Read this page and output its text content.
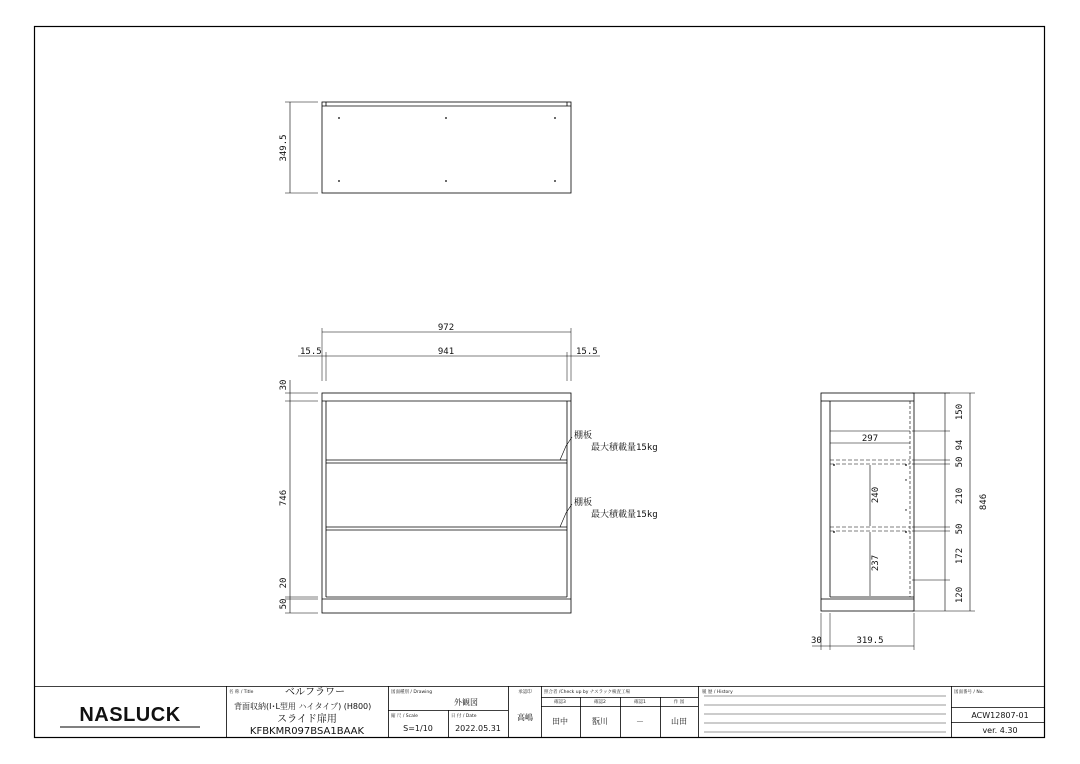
349.5
972
941
15.5	15.5
30
746
20
50
棚板
最大積載量15kg
棚板
最大積載量15kg
297
240
237
150
94
50
210
50
172
120
846
30	319.5
NASLUCK
名 称 / Title	ベルフラワー
背面収納(I･L型用 ハイタイプ) (H800)
スライド扉用
KFBKMR097BSA1BAAK
図面種別 / Drawing
外観図
縮 尺 / Scale
S=1/10
日 付 / Date
2022.05.31
承認印
高嶋
照合者 /Check up by ナスラック検査工場
確認3	確認2	確認1	作 図
田中	翫川	－	山田
履 歴 / History	図面番号 / No.
ACW12807-01
ver. 4.30
